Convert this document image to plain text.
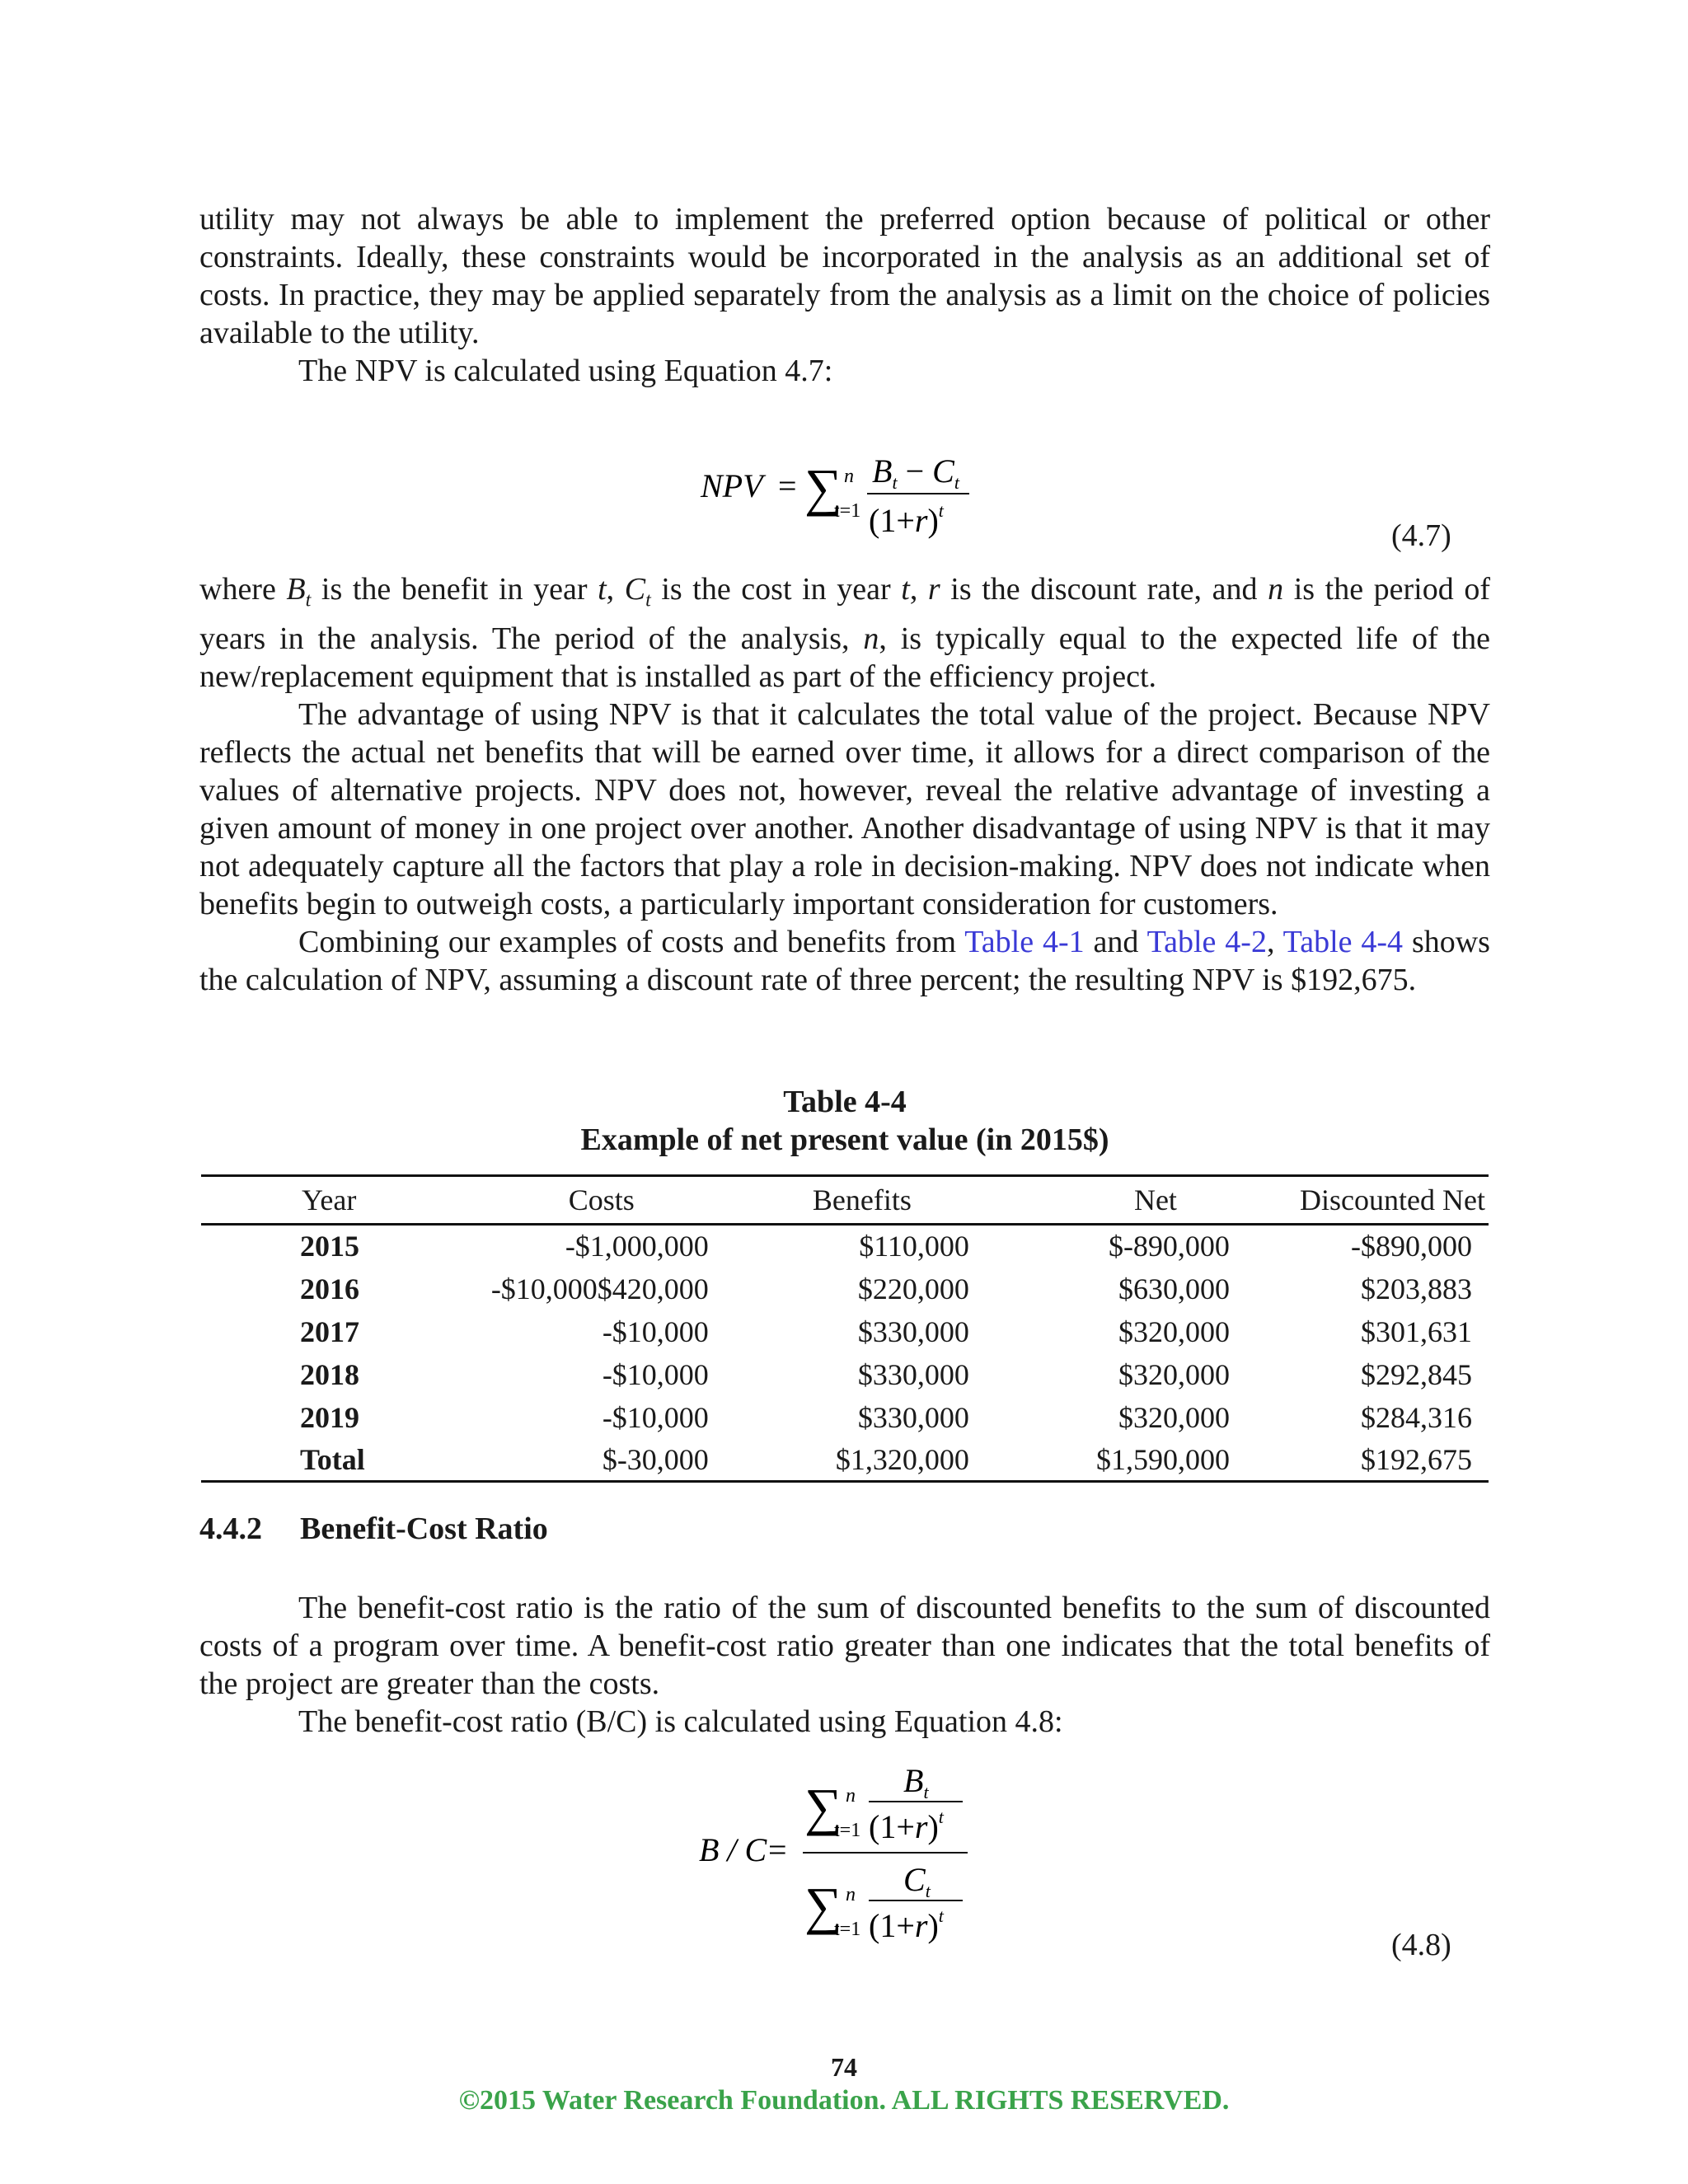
utility may not always be able to implement the preferred option because of political or other constraints. Ideally, these constraints would be incorporated in the analysis as an additional set of costs. In practice, they may be applied separately from the analysis as a limit on the choice of policies available to the utility.

The NPV is calculated using Equation 4.7:

NPV = ∑ n
t=1
$B_t - C_t$
$(1+r)^t$
(4.7)

where $B_t$ is the benefit in year t, $C_t$ is the cost in year t, r is the discount rate, and n is the period of years in the analysis. The period of the analysis, n, is typically equal to the expected life of the new/replacement equipment that is installed as part of the efficiency project.

The advantage of using NPV is that it calculates the total value of the project. Because NPV reflects the actual net benefits that will be earned over time, it allows for a direct comparison of the values of alternative projects. NPV does not, however, reveal the relative advantage of investing a given amount of money in one project over another. Another disadvantage of using NPV is that it may not adequately capture all the factors that play a role in decision-making. NPV does not indicate when benefits begin to outweigh costs, a particularly important consideration for customers.

Combining our examples of costs and benefits from Table 4-1 and Table 4-2, Table 4-4 shows the calculation of NPV, assuming a discount rate of three percent; the resulting NPV is $192,675.

Table 4-4
Example of net present value (in 2015$)
Year	Costs	Benefits	Net	Discounted Net
2015	-$1,000,000	$110,000	$-890,000	-$890,000
2016	-$10,000$420,000	$220,000	$630,000	$203,883
2017	-$10,000	$330,000	$320,000	$301,631
2018	-$10,000	$330,000	$320,000	$292,845
2019	-$10,000	$330,000	$320,000	$284,316
Total	$-30,000	$1,320,000	$1,590,000	$192,675
4.4.2 Benefit-Cost Ratio

The benefit-cost ratio is the ratio of the sum of discounted benefits to the sum of discounted costs of a program over time. A benefit-cost ratio greater than one indicates that the total benefits of the project are greater than the costs.

The benefit-cost ratio (B/C) is calculated using Equation 4.8:

B / C =
∑ n
t=1
$B_t$
$(1+r)^t$
∑ n
t=1
$C_t$
$(1+r)^t$
(4.8)
74
©2015 Water Research Foundation. ALL RIGHTS RESERVED.
